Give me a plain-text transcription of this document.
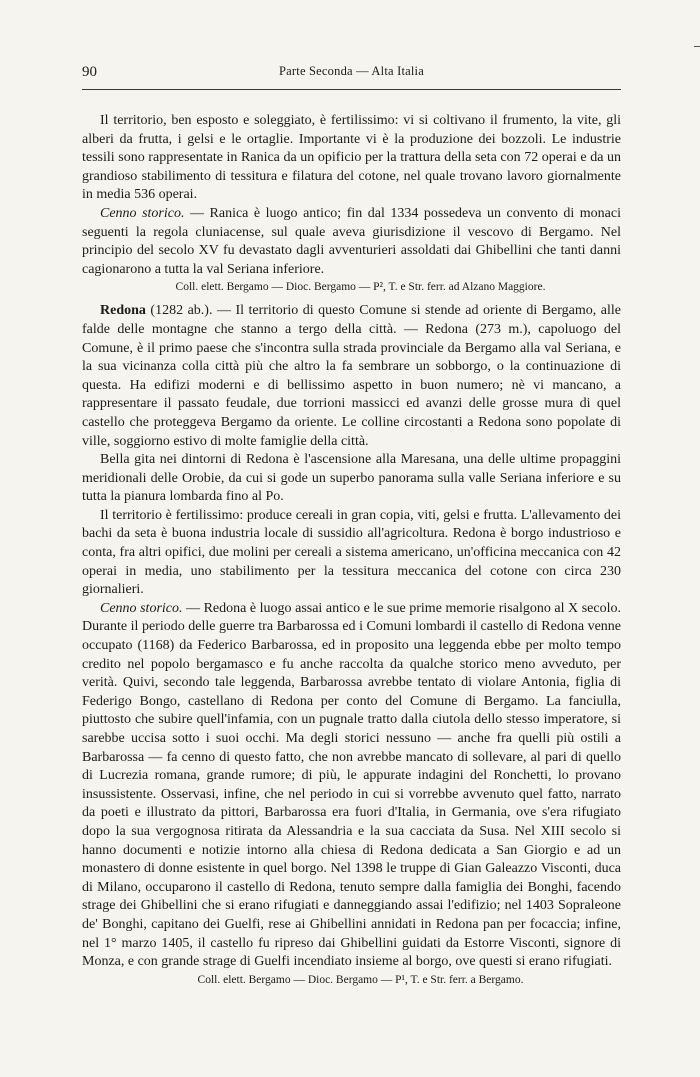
90	Parte Seconda — Alta Italia

Il territorio, ben esposto e soleggiato, è fertilissimo: vi si coltivano il frumento, la vite, gli alberi da frutta, i gelsi e le ortaglie. Importante vi è la produzione dei bozzoli. Le industrie tessili sono rappresentate in Ranica da un opificio per la trattura della seta con 72 operai e da un grandioso stabilimento di tessitura e filatura del cotone, nel quale trovano lavoro giornalmente in media 536 operai.

Cenno storico. — Ranica è luogo antico; fin dal 1334 possedeva un convento di monaci seguenti la regola cluniacense, sul quale aveva giurisdizione il vescovo di Bergamo. Nel principio del secolo XV fu devastato dagli avventurieri assoldati dai Ghibellini che tanti danni cagionarono a tutta la val Seriana inferiore.

Coll. elett. Bergamo — Dioc. Bergamo — P², T. e Str. ferr. ad Alzano Maggiore.

Redona (1282 ab.). — Il territorio di questo Comune si stende ad oriente di Bergamo, alle falde delle montagne che stanno a tergo della città. — Redona (273 m.), capoluogo del Comune, è il primo paese che s'incontra sulla strada provinciale da Bergamo alla val Seriana, e la sua vicinanza colla città più che altro la fa sembrare un sobborgo, o la continuazione di questa. Ha edifizi moderni e di bellissimo aspetto in buon numero; nè vi mancano, a rappresentare il passato feudale, due torrioni massicci ed avanzi delle grosse mura di quel castello che proteggeva Bergamo da oriente. Le colline circostanti a Redona sono popolate di ville, soggiorno estivo di molte famiglie della città.

Bella gita nei dintorni di Redona è l'ascensione alla Maresana, una delle ultime propaggini meridionali delle Orobie, da cui si gode un superbo panorama sulla valle Seriana inferiore e su tutta la pianura lombarda fino al Po.

Il territorio è fertilissimo: produce cereali in gran copia, viti, gelsi e frutta. L'allevamento dei bachi da seta è buona industria locale di sussidio all'agricoltura. Redona è borgo industrioso e conta, fra altri opifici, due molini per cereali a sistema americano, un'officina meccanica con 42 operai in media, uno stabilimento per la tessitura meccanica del cotone con circa 230 giornalieri.

Cenno storico. — Redona è luogo assai antico e le sue prime memorie risalgono al X secolo. Durante il periodo delle guerre tra Barbarossa ed i Comuni lombardi il castello di Redona venne occupato (1168) da Federico Barbarossa, ed in proposito una leggenda ebbe per molto tempo credito nel popolo bergamasco e fu anche raccolta da qualche storico meno avveduto, per verità. Quivi, secondo tale leggenda, Barbarossa avrebbe tentato di violare Antonia, figlia di Federigo Bongo, castellano di Redona per conto del Comune di Bergamo. La fanciulla, piuttosto che subire quell'infamia, con un pugnale tratto dalla ciutola dello stesso imperatore, si sarebbe uccisa sotto i suoi occhi. Ma degli storici nessuno — anche fra quelli più ostili a Barbarossa — fa cenno di questo fatto, che non avrebbe mancato di sollevare, al pari di quello di Lucrezia romana, grande rumore; di più, le appurate indagini del Ronchetti, lo provano insussistente. Osservasi, infine, che nel periodo in cui si vorrebbe avvenuto quel fatto, narrato da poeti e illustrato da pittori, Barbarossa era fuori d'Italia, in Germania, ove s'era rifugiato dopo la sua vergognosa ritirata da Alessandria e la sua cacciata da Susa. Nel XIII secolo si hanno documenti e notizie intorno alla chiesa di Redona dedicata a San Giorgio e ad un monastero di donne esistente in quel borgo. Nel 1398 le truppe di Gian Galeazzo Visconti, duca di Milano, occuparono il castello di Redona, tenuto sempre dalla famiglia dei Bonghi, facendo strage dei Ghibellini che si erano rifugiati e danneggiando assai l'edifizio; nel 1403 Sopraleone de' Bonghi, capitano dei Guelfi, rese ai Ghibellini annidati in Redona pan per focaccia; infine, nel 1° marzo 1405, il castello fu ripreso dai Ghibellini guidati da Estorre Visconti, signore di Monza, e con grande strage di Guelfi incendiato insieme al borgo, ove questi si erano rifugiati.

Coll. elett. Bergamo — Dioc. Bergamo — P¹, T. e Str. ferr. a Bergamo.
